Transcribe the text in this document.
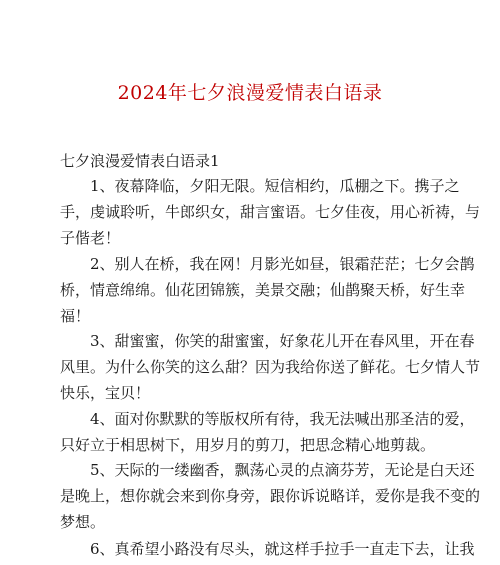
2024年七夕浪漫爱情表白语录
七夕浪漫爱情表白语录1
1、夜幕降临，夕阳无限。短信相约，瓜棚之下。携子之
手，虔诚聆听，牛郎织女，甜言蜜语。七夕佳夜，用心祈祷，与
子偕老！
2、别人在桥，我在网！月影光如昼，银霜茫茫；七夕会鹊
桥，情意绵绵。仙花团锦簇，美景交融；仙鹊聚天桥，好生幸
福！
3、甜蜜蜜，你笑的甜蜜蜜，好象花儿开在春风里，开在春
风里。为什么你笑的这么甜？因为我给你送了鲜花。七夕情人节
快乐，宝贝！
4、面对你默默的等版权所有待，我无法喊出那圣洁的爱，
只好立于相思树下，用岁月的剪刀，把思念精心地剪裁。
5、天际的一缕幽香，飘荡心灵的点滴芬芳，无论是白天还
是晚上，想你就会来到你身旁，跟你诉说略详，爱你是我不变的
梦想。
6、真希望小路没有尽头，就这样手拉手一直走下去，让我
